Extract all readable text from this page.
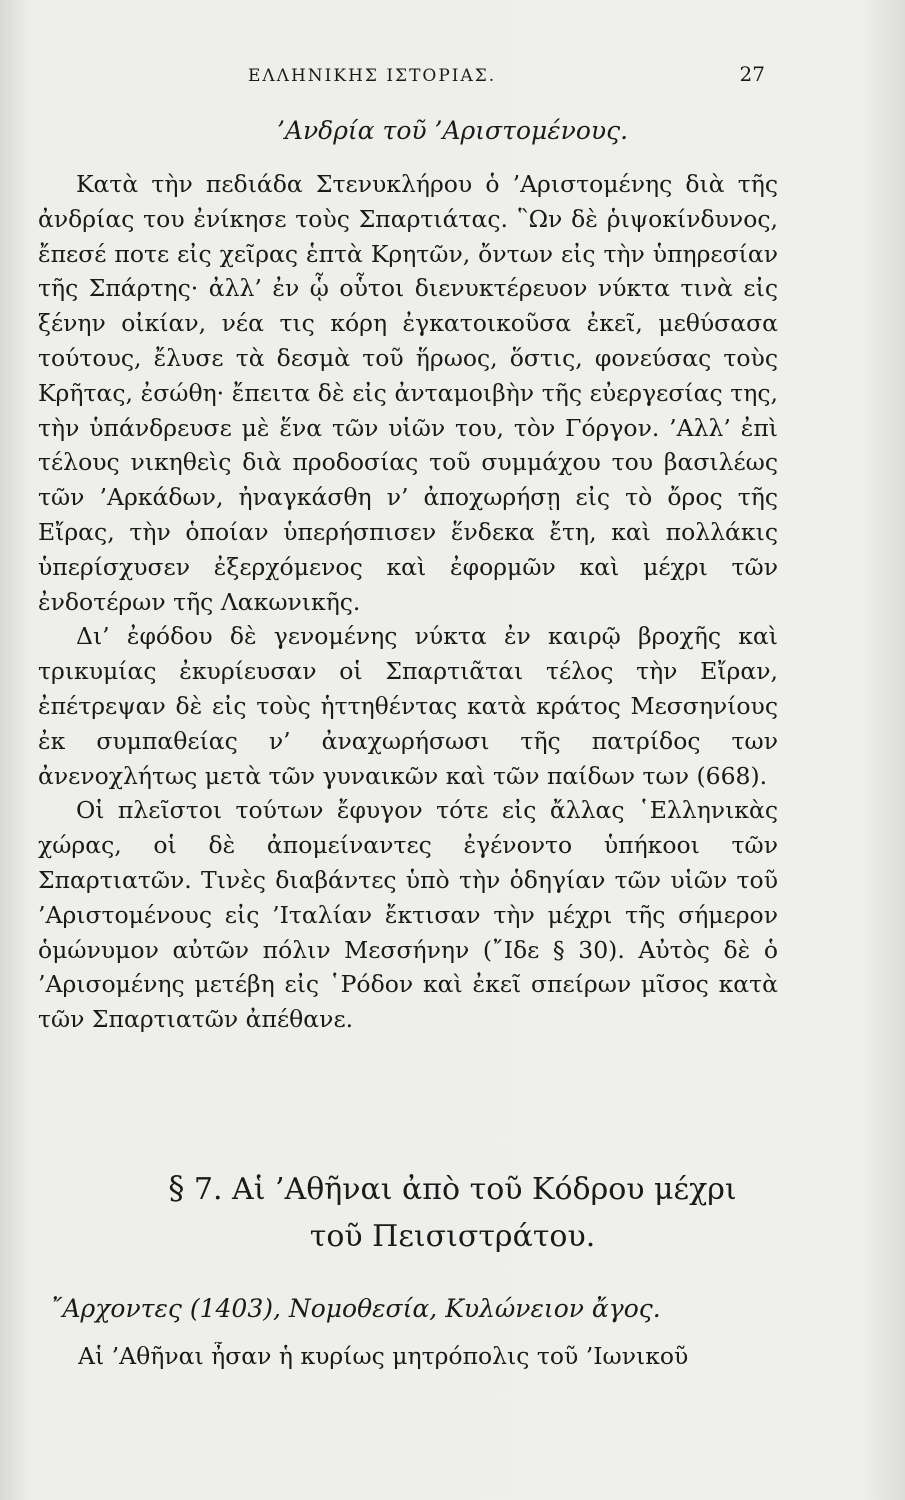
ΕΛΛΗΝΙΚΗΣ ΙΣΤΟΡΙΑΣ.	27
’Ανδρία τοῦ ’Αριστομένους.

Κατὰ τὴν πεδιάδα Στενυκλήρου ὁ ’Αριστομένης διὰ τῆς ἀνδρίας του ἐνίκησε τοὺς Σπαρτιάτας. ῝Ων δὲ ῥιψοκίνδυνος, ἔπεσέ ποτε εἰς χεῖρας ἑπτὰ Κρητῶν, ὄντων εἰς τὴν ὑπηρεσίαν τῆς Σπάρτης· ἀλλ’ ἐν ᾧ οὗτοι διενυκτέρευον νύκτα τινὰ εἰς ξένην οἰκίαν, νέα τις κόρη ἐγκατοικοῦσα ἐκεῖ, μεθύσασα τούτους, ἔλυσε τὰ δεσμὰ τοῦ ἥρωος, ὅστις, φονεύσας τοὺς Κρῆτας, ἐσώθη· ἔπειτα δὲ εἰς ἀνταμοιβὴν τῆς εὐεργεσίας της, τὴν ὑπάνδρευσε μὲ ἕνα τῶν υἱῶν του, τὸν Γόργον. ’Αλλ’ ἐπὶ τέλους νικηθεὶς διὰ προδοσίας τοῦ συμμάχου του βασιλέως τῶν ’Αρκάδων, ἠναγκάσθη ν’ ἀποχωρήσῃ εἰς τὸ ὄρος τῆς Εἴρας, τὴν ὁποίαν ὑπερήσπισεν ἕνδεκα ἔτη, καὶ πολλάκις ὑπερίσχυσεν ἐξερχόμενος καὶ ἐφορμῶν καὶ μέχρι τῶν ἐνδοτέρων τῆς Λακωνικῆς.

Δι’ ἐφόδου δὲ γενομένης νύκτα ἐν καιρῷ βροχῆς καὶ τρικυμίας ἐκυρίευσαν οἱ Σπαρτιᾶται τέλος τὴν Εἴραν, ἐπέτρεψαν δὲ εἰς τοὺς ἡττηθέντας κατὰ κράτος Μεσσηνίους ἐκ συμπαθείας ν’ ἀναχωρήσωσι τῆς πατρίδος των ἀνενοχλήτως μετὰ τῶν γυναικῶν καὶ τῶν παίδων των (668).

Οἱ πλεῖστοι τούτων ἔφυγον τότε εἰς ἄλλας ῾Ελληνικὰς χώρας, οἱ δὲ ἀπομείναντες ἐγένοντο ὑπήκοοι τῶν Σπαρτιατῶν. Τινὲς διαβάντες ὑπὸ τὴν ὁδηγίαν τῶν υἱῶν τοῦ ’Αριστομένους εἰς ’Ιταλίαν ἔκτισαν τὴν μέχρι τῆς σήμερον ὁμώνυμον αὐτῶν πόλιν Μεσσήνην (῎Ιδε § 30). Αὐτὸς δὲ ὁ ’Αρισομένης μετέβη εἰς ῾Ρόδον καὶ ἐκεῖ σπείρων μῖσος κατὰ τῶν Σπαρτιατῶν ἀπέθανε.

§ 7. Αἱ ’Αθῆναι ἀπὸ τοῦ Κόδρου μέχρι
τοῦ Πεισιστράτου.
῎Αρχοντες (1403), Νομοθεσία, Κυλώνειον ἄγος.
Αἱ ’Αθῆναι ἦσαν ἡ κυρίως μητρόπολις τοῦ ’Ιωνικοῦ
